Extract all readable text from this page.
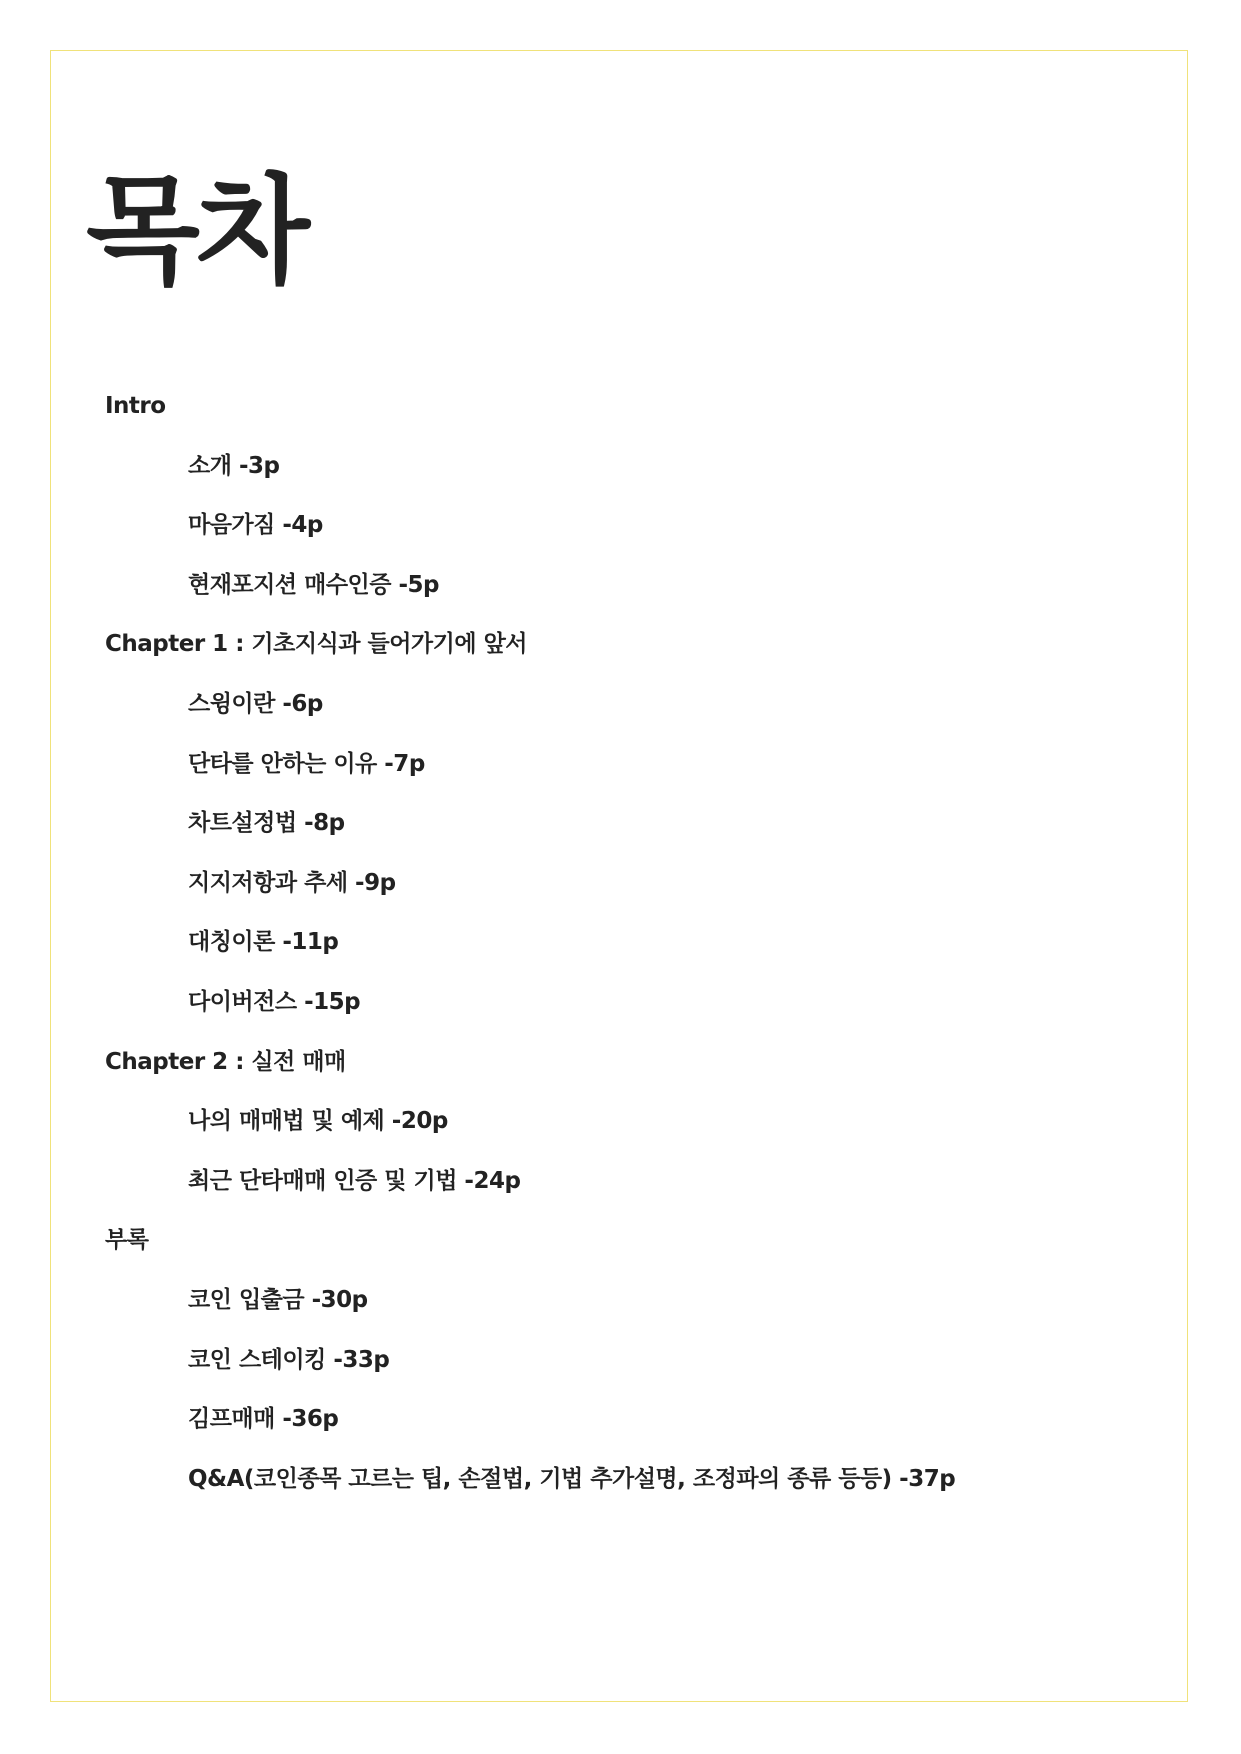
목차
Intro
소개 -3p
마음가짐 -4p
현재포지션 매수인증 -5p
Chapter 1 : 기초지식과 들어가기에 앞서
스윙이란 -6p
단타를 안하는 이유 -7p
차트설정법 -8p
지지저항과 추세 -9p
대칭이론 -11p
다이버전스 -15p
Chapter 2 : 실전 매매
나의 매매법 및 예제 -20p
최근 단타매매 인증 및 기법 -24p
부록
코인 입출금 -30p
코인 스테이킹 -33p
김프매매 -36p
Q&A(코인종목 고르는 팁, 손절법, 기법 추가설명, 조정파의 종류 등등) -37p
